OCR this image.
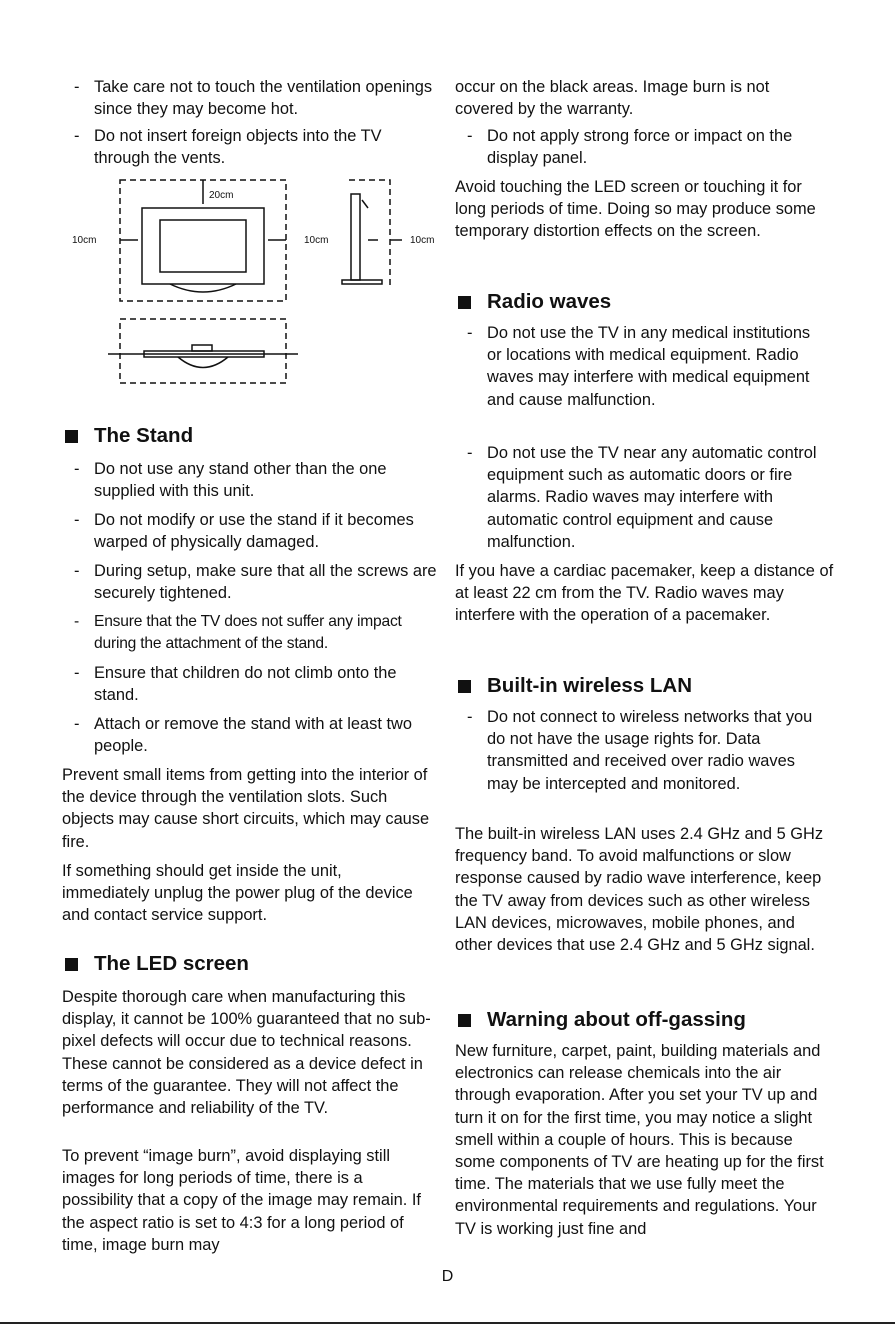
- Take care not to touch the ventilation openings since they may become hot.
- Do not insert foreign objects into the TV through the vents.
The Stand
- Do not use any stand other than the one supplied with this unit.
- Do not modify or use the stand if it becomes warped of physically damaged.
- During setup, make sure that all the screws are securely tightened.
- Ensure that the TV does not suffer any impact during the attachment of the stand.
- Ensure that children do not climb onto the stand.
- Attach or remove the stand with at least two people.
Prevent small items from getting into the interior of the device through the ventilation slots. Such objects may cause short circuits, which may cause fire.
If something should get inside the unit, immediately unplug the power plug of the device and contact service support.
The LED screen
Despite thorough care when manufacturing this display, it cannot be 100% guaranteed that no sub-pixel defects will occur due to technical reasons. These cannot be considered as a device defect in terms of the guarantee. They will not affect the performance and reliability of the TV.
To prevent “image burn”, avoid displaying still images for long periods of time, there is a possibility that a copy of the image may remain. If the aspect ratio is set to 4:3 for a long period of time, image burn may
20cm
10cm	10cm	10cm
occur on the black areas. Image burn is not covered by the warranty.
- Do not apply strong force or impact on the display panel.
Avoid touching the LED screen or touching it for long periods of time. Doing so may produce some temporary distortion effects on the screen.
Radio waves
- Do not use the TV in any medical institutions or locations with medical equipment. Radio waves may interfere with medical equipment and cause malfunction.
- Do not use the TV near any automatic control equipment such as automatic doors or fire alarms. Radio waves may interfere with automatic control equipment and cause malfunction.
If you have a cardiac pacemaker, keep a distance of at least 22 cm from the TV. Radio waves may interfere with the operation of a pacemaker.
Built-in wireless LAN
- Do not connect to wireless networks that you do not have the usage rights for. Data transmitted and received over radio waves may be intercepted and monitored.
The built-in wireless LAN uses 2.4 GHz and 5 GHz frequency band. To avoid malfunctions or slow response caused by radio wave interference, keep the TV away from devices such as other wireless LAN devices, microwaves, mobile phones, and other devices that use 2.4 GHz and 5 GHz signal.
Warning about off-gassing
New furniture, carpet, paint, building materials and electronics can release chemicals into the air through evaporation. After you set your TV up and turn it on for the first time, you may notice a slight smell within a couple of hours. This is because some components of TV are heating up for the first time. The materials that we use fully meet the environmental requirements and regulations. Your TV is working just fine and
D
